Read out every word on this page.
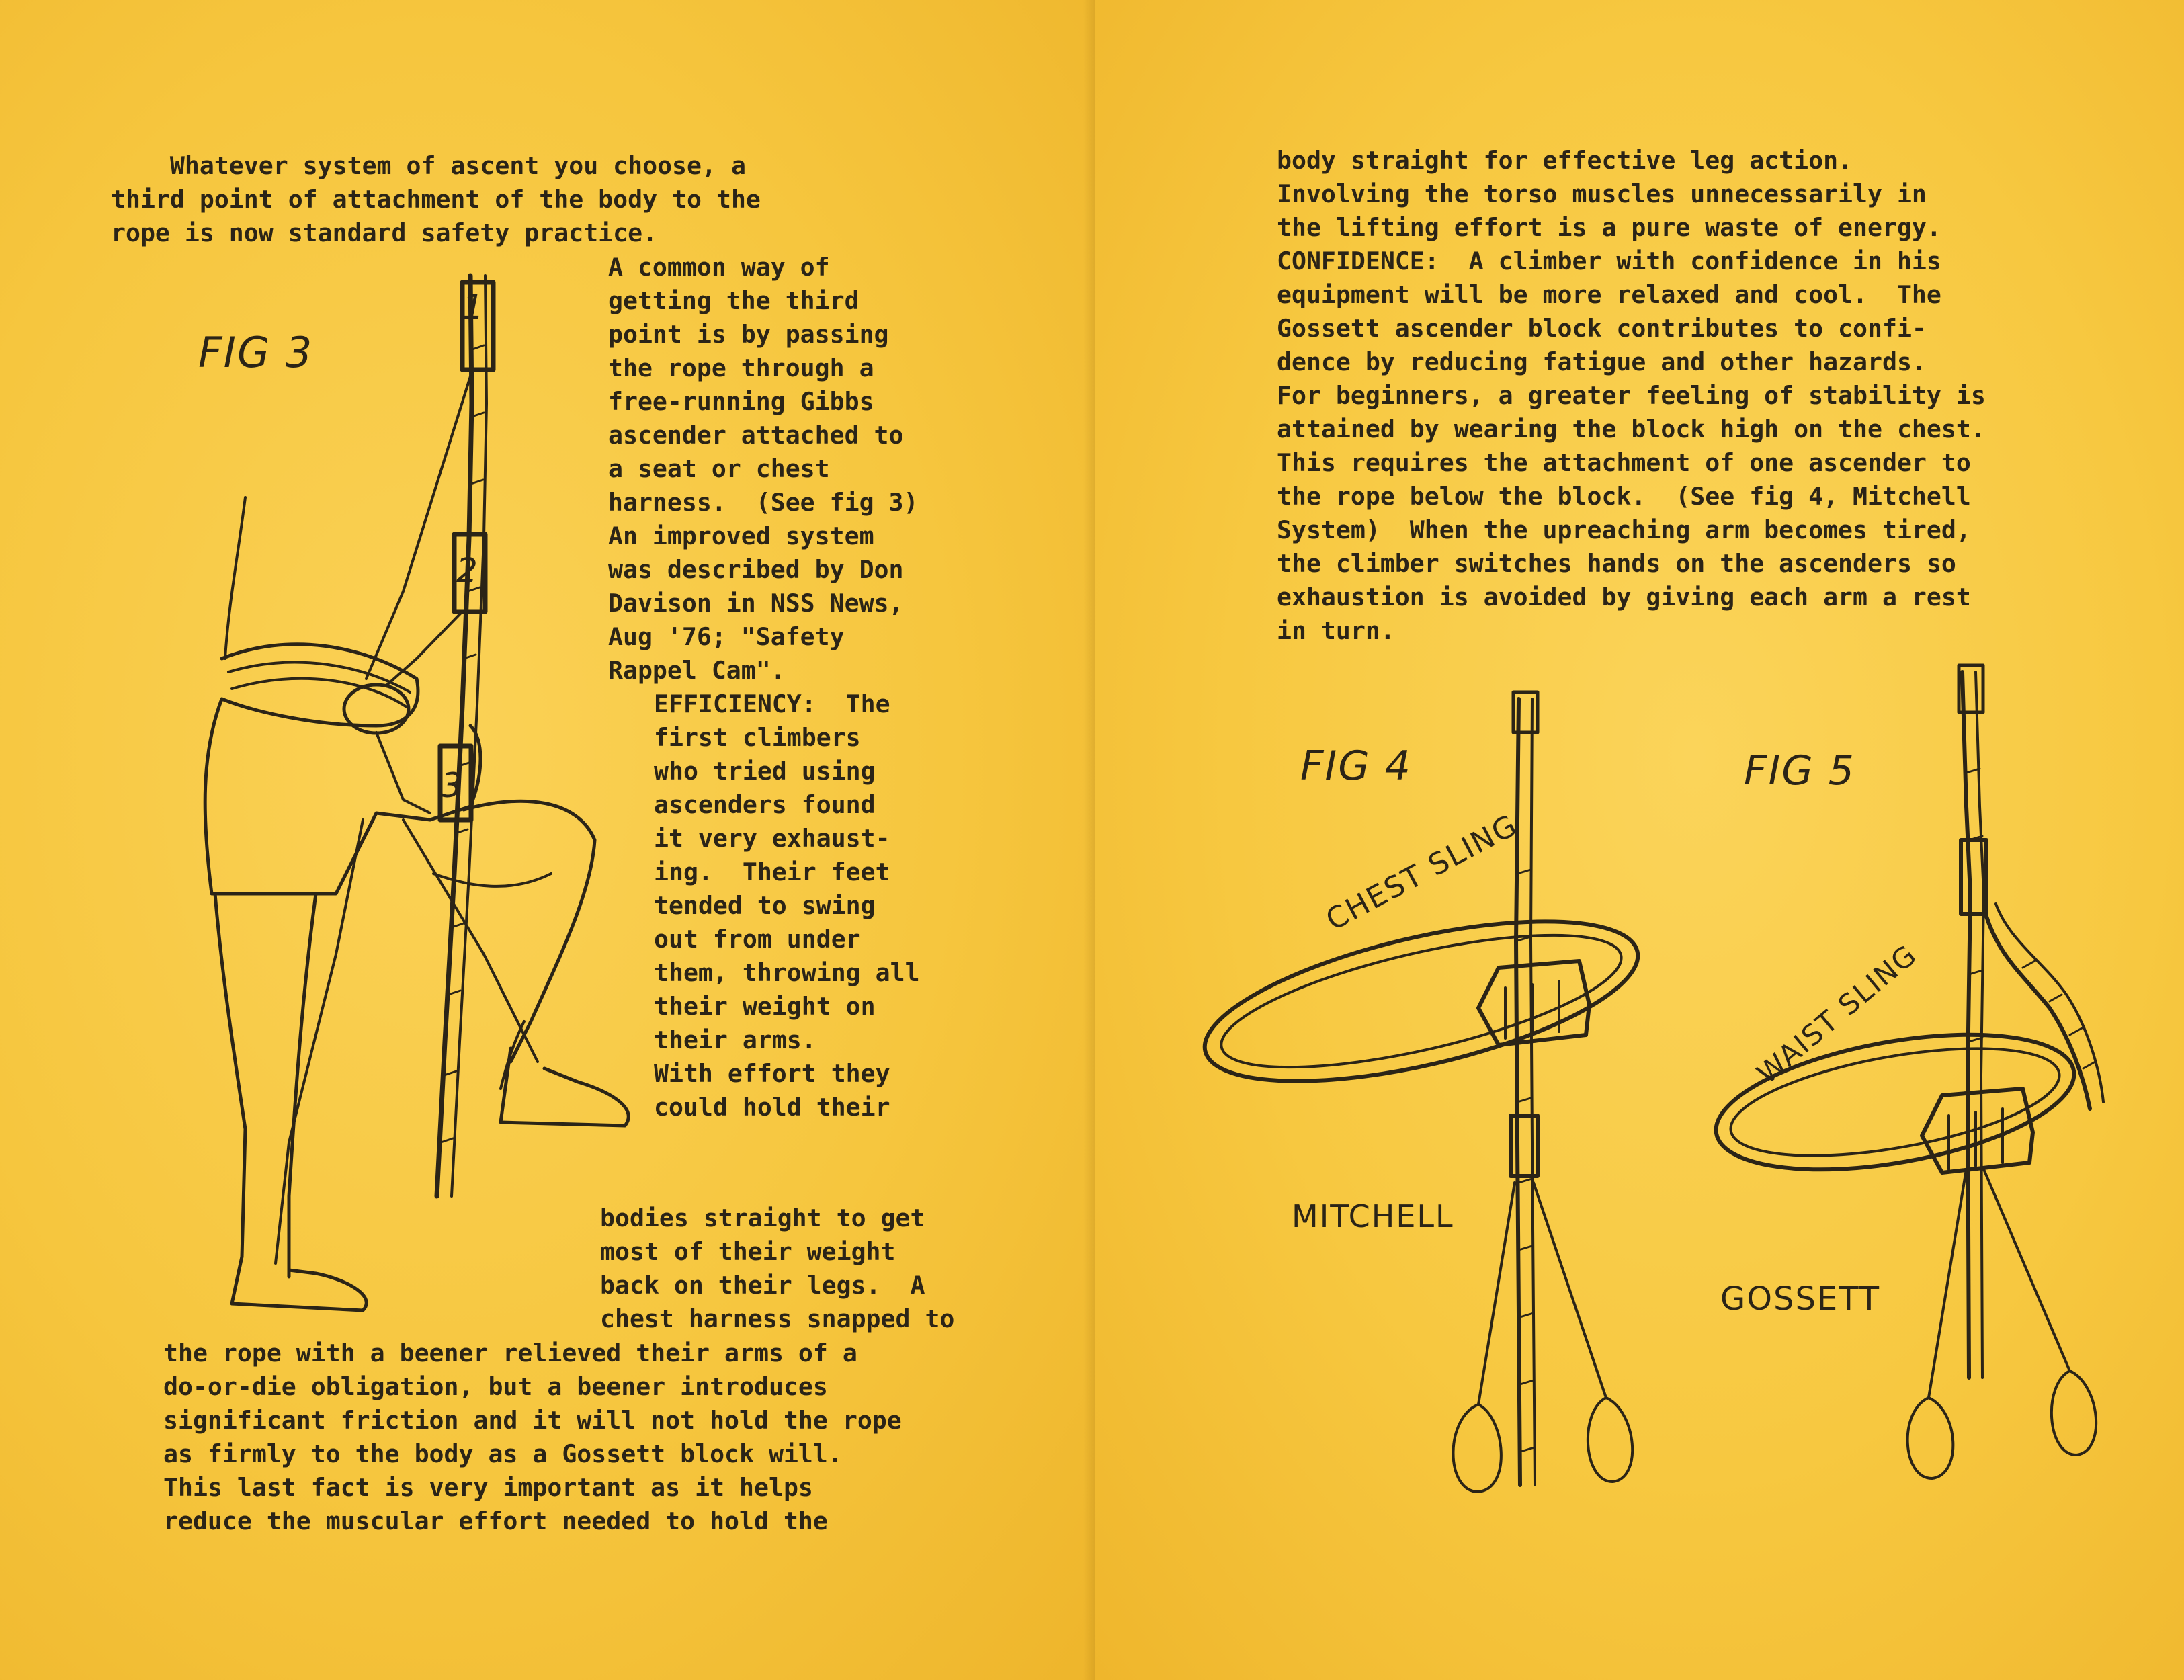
Whatever system of ascent you choose, a
third point of attachment of the body to the
rope is now standard safety practice.
A common way of
getting the third
point is by passing
the rope through a
free-running Gibbs
ascender attached to
a seat or chest
harness.  (See fig 3)
An improved system
was described by Don
Davison in NSS News,
Aug '76; "Safety
Rappel Cam".
EFFICIENCY:  The
first climbers
who tried using
ascenders found
it very exhaust-
ing.  Their feet
tended to swing
out from under
them, throwing all
their weight on
their arms.
With effort they
could hold their
bodies straight to get
most of their weight
back on their legs.  A
chest harness snapped to
the rope with a beener relieved their arms of a
do-or-die obligation, but a beener introduces
significant friction and it will not hold the rope
as firmly to the body as a Gossett block will.
This last fact is very important as it helps
reduce the muscular effort needed to hold the
FIG 3
1
2
3
body straight for effective leg action.
Involving the torso muscles unnecessarily in
the lifting effort is a pure waste of energy.
CONFIDENCE:  A climber with confidence in his
equipment will be more relaxed and cool.  The
Gossett ascender block contributes to confi-
dence by reducing fatigue and other hazards.
For beginners, a greater feeling of stability is
attained by wearing the block high on the chest.
This requires the attachment of one ascender to
the rope below the block.  (See fig 4, Mitchell
System)  When the upreaching arm becomes tired,
the climber switches hands on the ascenders so
exhaustion is avoided by giving each arm a rest
in turn.
FIG 4	FIG 5
MITCHELL
GOSSETT
CHEST SLING
WAIST SLING
